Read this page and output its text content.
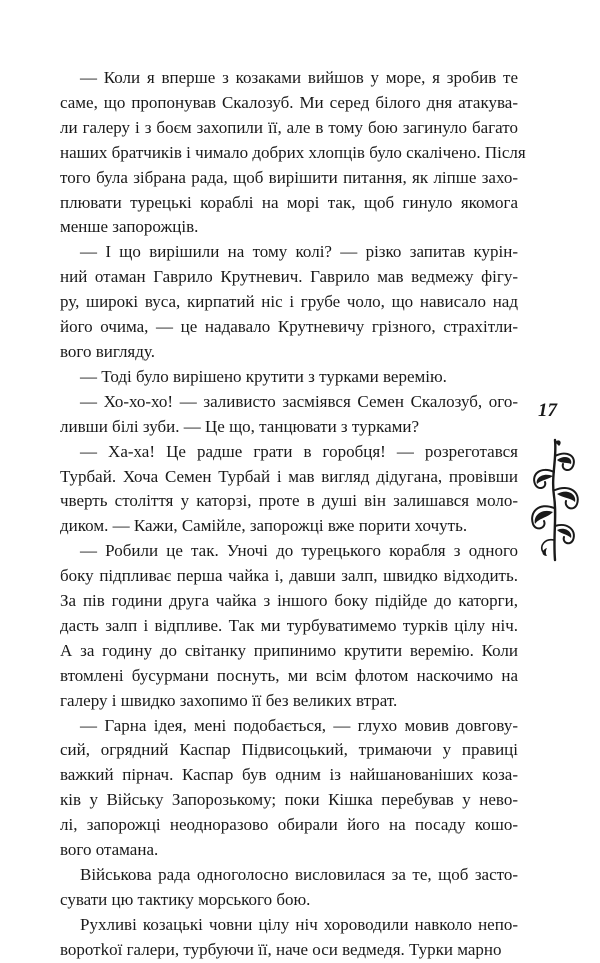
— Коли я вперше з козаками вийшов у море, я зробив те
саме, що пропонував Скалозуб. Ми серед білого дня атакува-
ли галеру і з боєм захопили її, але в тому бою загинуло багато
наших братчиків і чимало добрих хлопців було скалічено. Після
того була зібрана рада, щоб вирішити питання, як ліпше захо-
плювати турецькі кораблі на морі так, щоб гинуло якомога
менше запорожців.

— І що вирішили на тому колі? — різко запитав курін-
ний отаман Гаврило Крутневич. Гаврило мав ведмежу фігу-
ру, широкі вуса, кирпатий ніс і грубе чоло, що нависало над
його очима, — це надавало Крутневичу грізного, страхітли-
вого вигляду.

— Тоді було вирішено крутити з турками веремію.

— Хо-хо-хо! — заливисто засміявся Семен Скалозуб, ого-
ливши білі зуби. — Це що, танцювати з турками?

— Ха-ха! Це радше грати в горобця! — розреготався
Турбай. Хоча Семен Турбай і мав вигляд дідугана, провівши
чверть століття у каторзі, проте в душі він залишався моло-
диком. — Кажи, Самійле, запорожці вже порити хочуть.

— Робили це так. Уночі до турецького корабля з одного
боку підпливає перша чайка і, давши залп, швидко відходить.
За пів години друга чайка з іншого боку підійде до каторги,
дасть залп і відпливе. Так ми турбуватимемо турків цілу ніч.
А за годину до світанку припинимо крутити веремію. Коли
втомлені бусурмани поснуть, ми всім флотом наскочимо на
галеру і швидко захопимо її без великих втрат.

— Гарна ідея, мені подобається, — глухо мовив довгову-
сий, огрядний Каспар Підвисоцький, тримаючи у правиці
важкий пірнач. Каспар був одним із найшанованіших коза-
ків у Війську Запорозькому; поки Кішка перебував у нево-
лі, запорожці неодноразово обирали його на посаду кошо-
вого отамана.

Військова рада одноголосно висловилася за те, щоб засто-
сувати цю тактику морського бою.

Рухливі козацькі човни цілу ніч хороводили навколо непо-
воротkої галери, турбуючи її, наче оси ведмедя. Турки марно

17
